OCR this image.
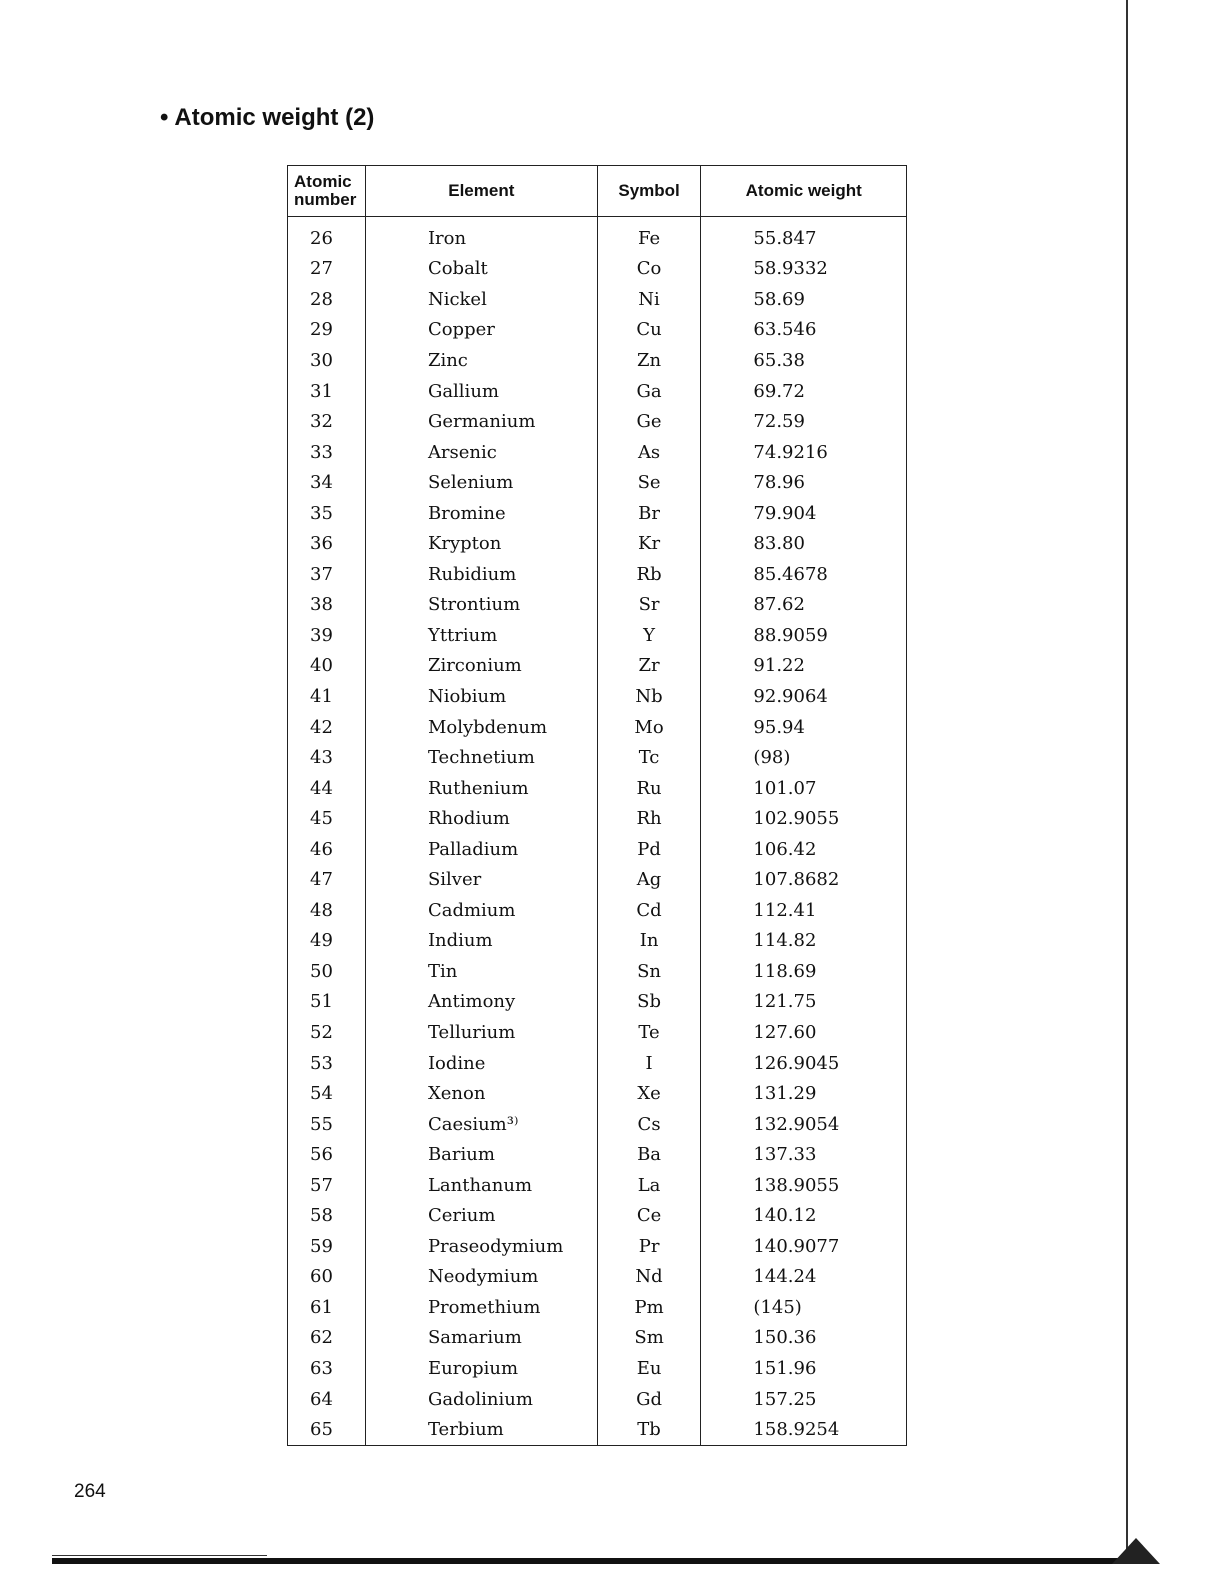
• Atomic weight (2)
Atomic
number	Element	Symbol	Atomic weight
26	Iron	Fe	55.847
27	Cobalt	Co	58.9332
28	Nickel	Ni	58.69
29	Copper	Cu	63.546
30	Zinc	Zn	65.38
31	Gallium	Ga	69.72
32	Germanium	Ge	72.59
33	Arsenic	As	74.9216
34	Selenium	Se	78.96
35	Bromine	Br	79.904
36	Krypton	Kr	83.80
37	Rubidium	Rb	85.4678
38	Strontium	Sr	87.62
39	Yttrium	Y	88.9059
40	Zirconium	Zr	91.22
41	Niobium	Nb	92.9064
42	Molybdenum	Mo	95.94
43	Technetium	Tc	(98)
44	Ruthenium	Ru	101.07
45	Rhodium	Rh	102.9055
46	Palladium	Pd	106.42
47	Silver	Ag	107.8682
48	Cadmium	Cd	112.41
49	Indium	In	114.82
50	Tin	Sn	118.69
51	Antimony	Sb	121.75
52	Tellurium	Te	127.60
53	Iodine	I	126.9045
54	Xenon	Xe	131.29
55	Caesium³⁾	Cs	132.9054
56	Barium	Ba	137.33
57	Lanthanum	La	138.9055
58	Cerium	Ce	140.12
59	Praseodymium	Pr	140.9077
60	Neodymium	Nd	144.24
61	Promethium	Pm	(145)
62	Samarium	Sm	150.36
63	Europium	Eu	151.96
64	Gadolinium	Gd	157.25
65	Terbium	Tb	158.9254
264
